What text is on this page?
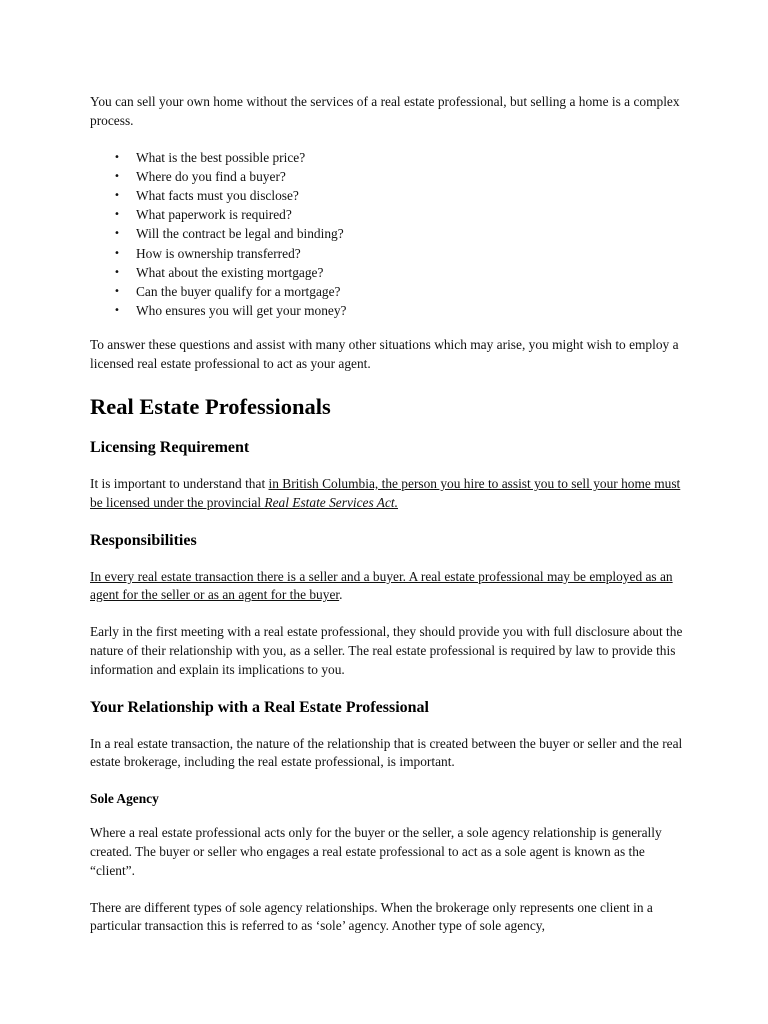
You can sell your own home without the services of a real estate professional, but selling a home is a complex process.

• What is the best possible price?
• Where do you find a buyer?
• What facts must you disclose?
• What paperwork is required?
• Will the contract be legal and binding?
• How is ownership transferred?
• What about the existing mortgage?
• Can the buyer qualify for a mortgage?
• Who ensures you will get your money?

To answer these questions and assist with many other situations which may arise, you might wish to employ a licensed real estate professional to act as your agent.

Real Estate Professionals
Licensing Requirement

It is important to understand that in British Columbia, the person you hire to assist you to sell your home must be licensed under the provincial Real Estate Services Act.

Responsibilities

In every real estate transaction there is a seller and a buyer. A real estate professional may be employed as an agent for the seller or as an agent for the buyer.

Early in the first meeting with a real estate professional, they should provide you with full disclosure about the nature of their relationship with you, as a seller. The real estate professional is required by law to provide this information and explain its implications to you.

Your Relationship with a Real Estate Professional

In a real estate transaction, the nature of the relationship that is created between the buyer or seller and the real estate brokerage, including the real estate professional, is important.

Sole Agency

Where a real estate professional acts only for the buyer or the seller, a sole agency relationship is generally created. The buyer or seller who engages a real estate professional to act as a sole agent is known as the “client”.

There are different types of sole agency relationships. When the brokerage only represents one client in a particular transaction this is referred to as ‘sole’ agency. Another type of sole agency,
